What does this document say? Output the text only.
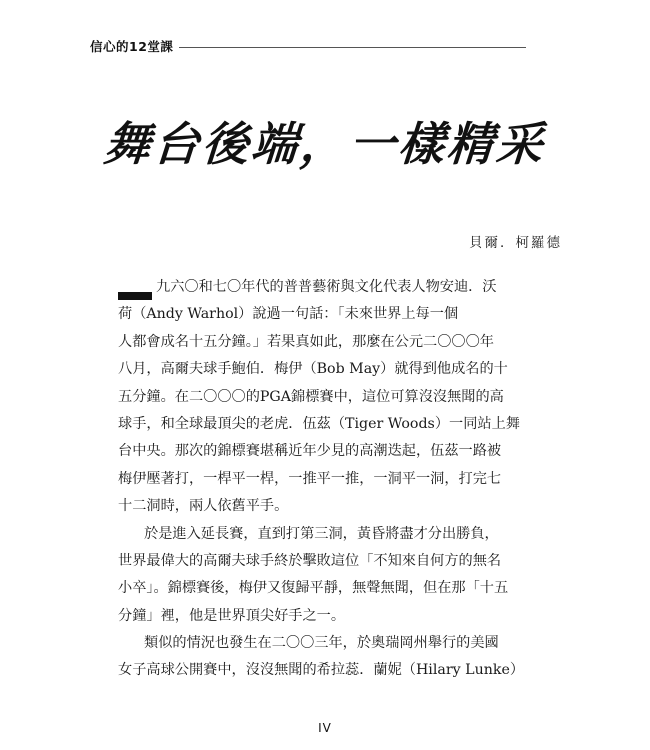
信心的12堂課
舞台後端，一樣精采
貝爾．柯羅德
九六〇和七〇年代的普普藝術與文化代表人物安迪．沃
荷（Andy Warhol）說過一句話：「未來世界上每一個
人都會成名十五分鐘。」若果真如此，那麼在公元二〇〇〇年
八月，高爾夫球手鮑伯．梅伊（Bob May）就得到他成名的十
五分鐘。在二〇〇〇的PGA錦標賽中，這位可算沒沒無聞的高
球手，和全球最頂尖的老虎．伍茲（Tiger Woods）一同站上舞
台中央。那次的錦標賽堪稱近年少見的高潮迭起，伍茲一路被
梅伊壓著打，一桿平一桿，一推平一推，一洞平一洞，打完七
十二洞時，兩人依舊平手。
於是進入延長賽，直到打第三洞，黃昏將盡才分出勝負，
世界最偉大的高爾夫球手終於擊敗這位「不知來自何方的無名
小卒」。錦標賽後，梅伊又復歸平靜，無聲無聞，但在那「十五
分鐘」裡，他是世界頂尖好手之一。
類似的情況也發生在二〇〇三年，於奧瑞岡州舉行的美國
女子高球公開賽中，沒沒無聞的希拉蕊．蘭妮（Hilary Lunke）
IV
